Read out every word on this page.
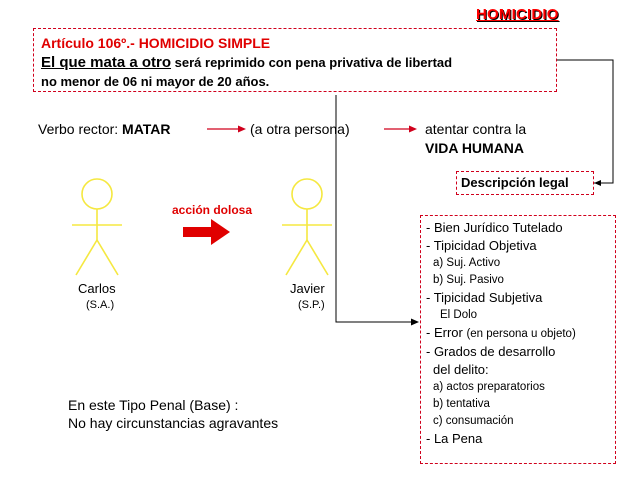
HOMICIDIO
Artículo 106º.- HOMICIDIO SIMPLE
El que mata a otro será reprimido con pena privativa de libertad
no menor de 06 ni mayor de 20 años.
Verbo rector: MATAR	(a otra persona)	atentar contra la
VIDA HUMANA
Descripción legal
acción dolosa
Carlos
(S.A.)
Javier
(S.P.)
En este Tipo Penal (Base) :
No hay circunstancias agravantes
- Bien Jurídico Tutelado
- Tipicidad Objetiva
a) Suj. Activo
b) Suj. Pasivo
- Tipicidad Subjetiva
El Dolo
- Error (en persona u objeto)
- Grados de desarrollo
del delito:
a) actos preparatorios
b) tentativa
c) consumación
- La Pena
